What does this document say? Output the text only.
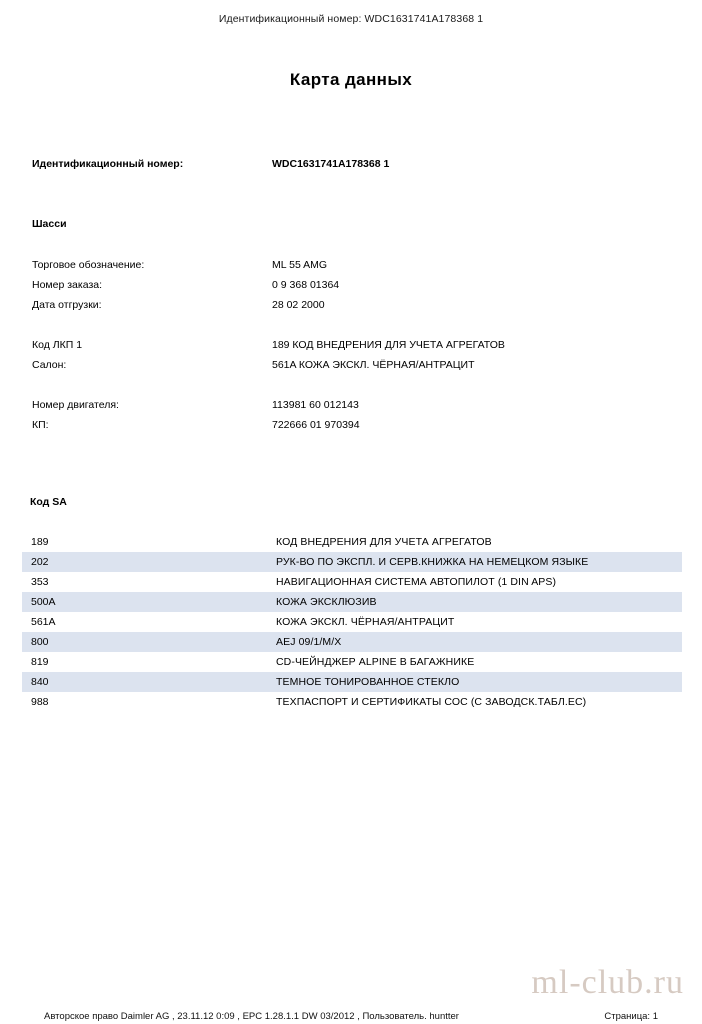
Идентификационный номер: WDC1631741A178368 1
Карта данных
Идентификационный номер:	WDC1631741A178368 1
Шасси
Торговое обозначение:	ML 55 AMG
Номер заказа:	0 9 368 01364
Дата отгрузки:	28 02 2000
Код ЛКП 1	189 КОД ВНЕДРЕНИЯ ДЛЯ УЧЕТА АГРЕГАТОВ
Салон:	561A КОЖА ЭКСКЛ. ЧЁРНАЯ/АНТРАЦИТ
Номер двигателя:	113981 60 012143
КП:	722666 01 970394
Код SA
189	КОД ВНЕДРЕНИЯ ДЛЯ УЧЕТА АГРЕГАТОВ
202	РУК-ВО ПО ЭКСПЛ. И СЕРВ.КНИЖКА НА НЕМЕЦКОМ ЯЗЫКЕ
353	НАВИГАЦИОННАЯ СИСТЕМА АВТОПИЛОТ (1 DIN APS)
500A	КОЖА ЭКСКЛЮЗИВ
561A	КОЖА ЭКСКЛ. ЧЁРНАЯ/АНТРАЦИТ
800	AEJ 09/1/M/X
819	CD-ЧЕЙНДЖЕР ALPINE В БАГАЖНИКЕ
840	ТЕМНОЕ ТОНИРОВАННОЕ СТЕКЛО
988	ТЕХПАСПОРТ И СЕРТИФИКАТЫ СОС (С ЗАВОДСК.ТАБЛ.ЕС)
ml-club.ru
Авторское право Daimler AG , 23.11.12 0:09 , EPC 1.28.1.1 DW 03/2012 , Пользователь. huntter	Страница: 1
